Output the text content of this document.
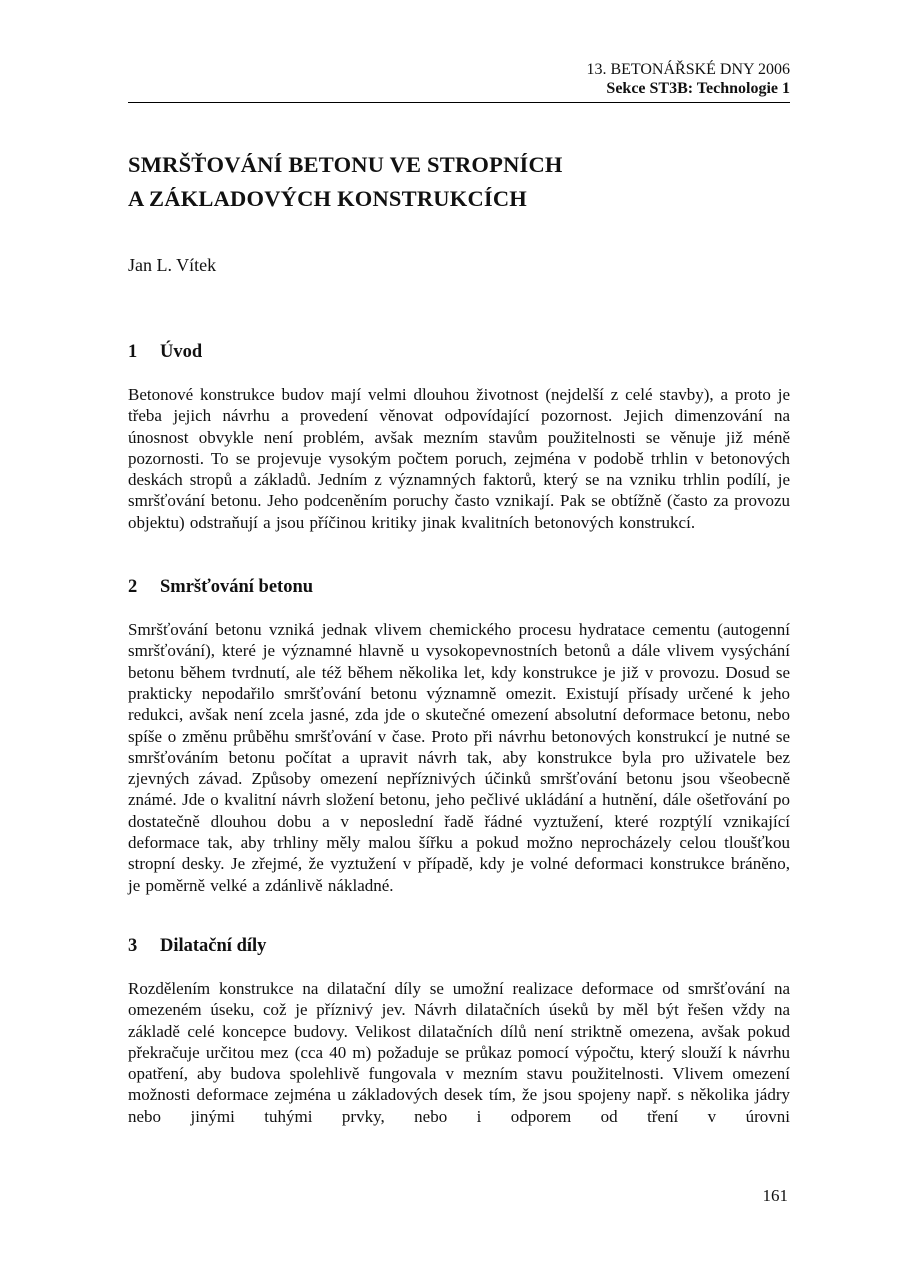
13. BETONÁŘSKÉ DNY 2006
Sekce ST3B: Technologie 1
SMRŠŤOVÁNÍ BETONU VE STROPNÍCH
A ZÁKLADOVÝCH KONSTRUKCÍCH
Jan L. Vítek
1 Úvod

Betonové konstrukce budov mají velmi dlouhou životnost (nejdelší z celé stavby), a proto je třeba jejich návrhu a provedení věnovat odpovídající pozornost. Jejich dimenzování na únosnost obvykle není problém, avšak mezním stavům použitelnosti se věnuje již méně pozornosti. To se projevuje vysokým počtem poruch, zejména v podobě trhlin v betonových deskách stropů a základů. Jedním z významných faktorů, který se na vzniku trhlin podílí, je smršťování betonu. Jeho podceněním poruchy často vznikají. Pak se obtížně (často za provozu objektu) odstraňují a jsou příčinou kritiky jinak kvalitních betonových konstrukcí.

2 Smršťování betonu

Smršťování betonu vzniká jednak vlivem chemického procesu hydratace cementu (autogenní smršťování), které je významné hlavně u vysokopevnostních betonů a dále vlivem vysýchání betonu během tvrdnutí, ale též během několika let, kdy konstrukce je již v provozu. Dosud se prakticky nepodařilo smršťování betonu významně omezit. Existují přísady určené k jeho redukci, avšak není zcela jasné, zda jde o skutečné omezení absolutní deformace betonu, nebo spíše o změnu průběhu smršťování v čase. Proto při návrhu betonových konstrukcí je nutné se smršťováním betonu počítat a upravit návrh tak, aby konstrukce byla pro uživatele bez zjevných závad. Způsoby omezení nepříznivých účinků smršťování betonu jsou všeobecně známé. Jde o kvalitní návrh složení betonu, jeho pečlivé ukládání a hutnění, dále ošetřování po dostatečně dlouhou dobu a v neposlední řadě řádné vyztužení, které rozptýlí vznikající deformace tak, aby trhliny měly malou šířku a pokud možno neprocházely celou tloušťkou stropní desky. Je zřejmé, že vyztužení v případě, kdy je volné deformaci konstrukce bráněno, je poměrně velké a zdánlivě nákladné.

3 Dilatační díly

Rozdělením konstrukce na dilatační díly se umožní realizace deformace od smršťování na omezeném úseku, což je příznivý jev. Návrh dilatačních úseků by měl být řešen vždy na základě celé koncepce budovy. Velikost dilatačních dílů není striktně omezena, avšak pokud překračuje určitou mez (cca 40 m) požaduje se průkaz pomocí výpočtu, který slouží k návrhu opatření, aby budova spolehlivě fungovala v mezním stavu použitelnosti. Vlivem omezení možnosti deformace zejména u základových desek tím, že jsou spojeny např. s několika jádry nebo jinými tuhými prvky, nebo i odporem od tření v úrovni

161
